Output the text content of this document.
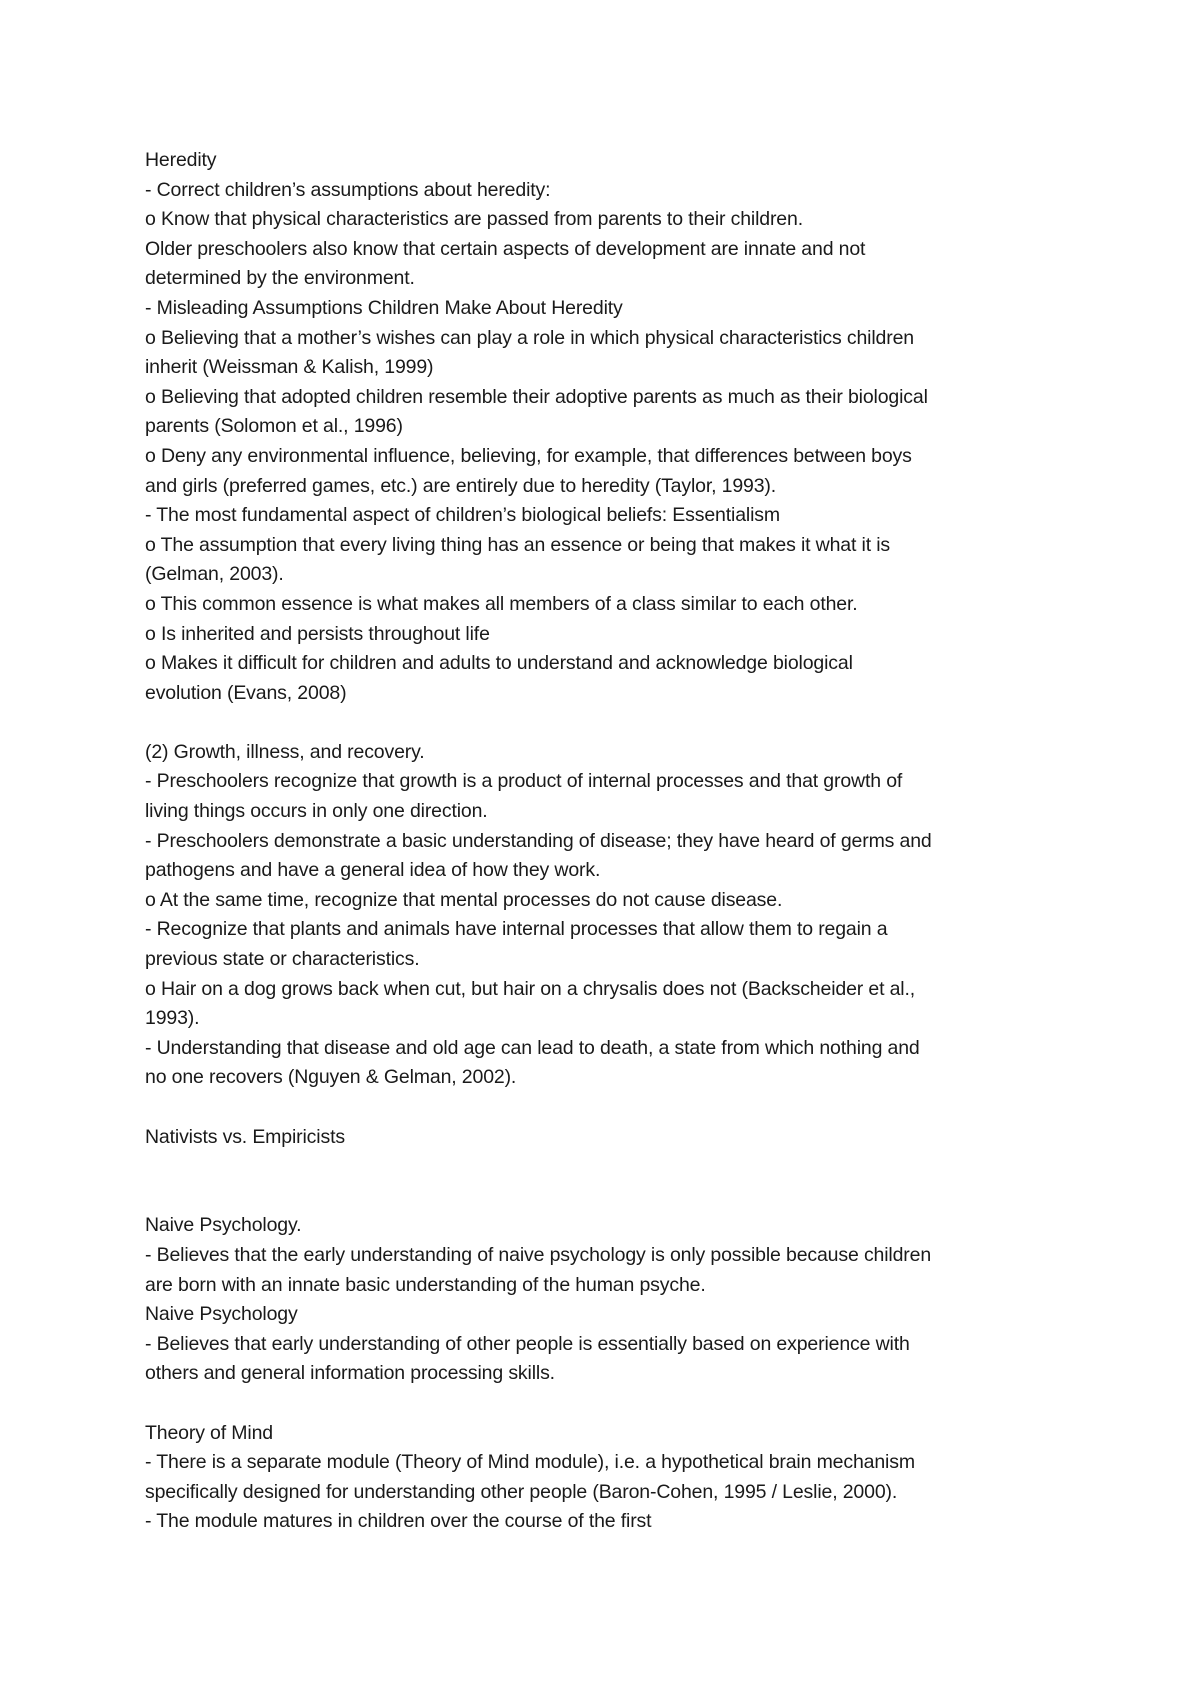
Heredity
- Correct children’s assumptions about heredity:
o Know that physical characteristics are passed from parents to their children.
Older preschoolers also know that certain aspects of development are innate and not
determined by the environment.
- Misleading Assumptions Children Make About Heredity
o Believing that a mother’s wishes can play a role in which physical characteristics children
inherit (Weissman & Kalish, 1999)
o Believing that adopted children resemble their adoptive parents as much as their biological
parents (Solomon et al., 1996)
o Deny any environmental influence, believing, for example, that differences between boys
and girls (preferred games, etc.) are entirely due to heredity (Taylor, 1993).
- The most fundamental aspect of children’s biological beliefs: Essentialism
o The assumption that every living thing has an essence or being that makes it what it is
(Gelman, 2003).
o This common essence is what makes all members of a class similar to each other.
o Is inherited and persists throughout life
o Makes it difficult for children and adults to understand and acknowledge biological
evolution (Evans, 2008)
(2) Growth, illness, and recovery.
- Preschoolers recognize that growth is a product of internal processes and that growth of
living things occurs in only one direction.
- Preschoolers demonstrate a basic understanding of disease; they have heard of germs and
pathogens and have a general idea of how they work.
o At the same time, recognize that mental processes do not cause disease.
- Recognize that plants and animals have internal processes that allow them to regain a
previous state or characteristics.
o Hair on a dog grows back when cut, but hair on a chrysalis does not (Backscheider et al.,
1993).
- Understanding that disease and old age can lead to death, a state from which nothing and
no one recovers (Nguyen & Gelman, 2002).
Nativists vs. Empiricists
Naive Psychology.
- Believes that the early understanding of naive psychology is only possible because children
are born with an innate basic understanding of the human psyche.
Naive Psychology
- Believes that early understanding of other people is essentially based on experience with
others and general information processing skills.
Theory of Mind
- There is a separate module (Theory of Mind module), i.e. a hypothetical brain mechanism
specifically designed for understanding other people (Baron-Cohen, 1995 / Leslie, 2000).
- The module matures in children over the course of the first
